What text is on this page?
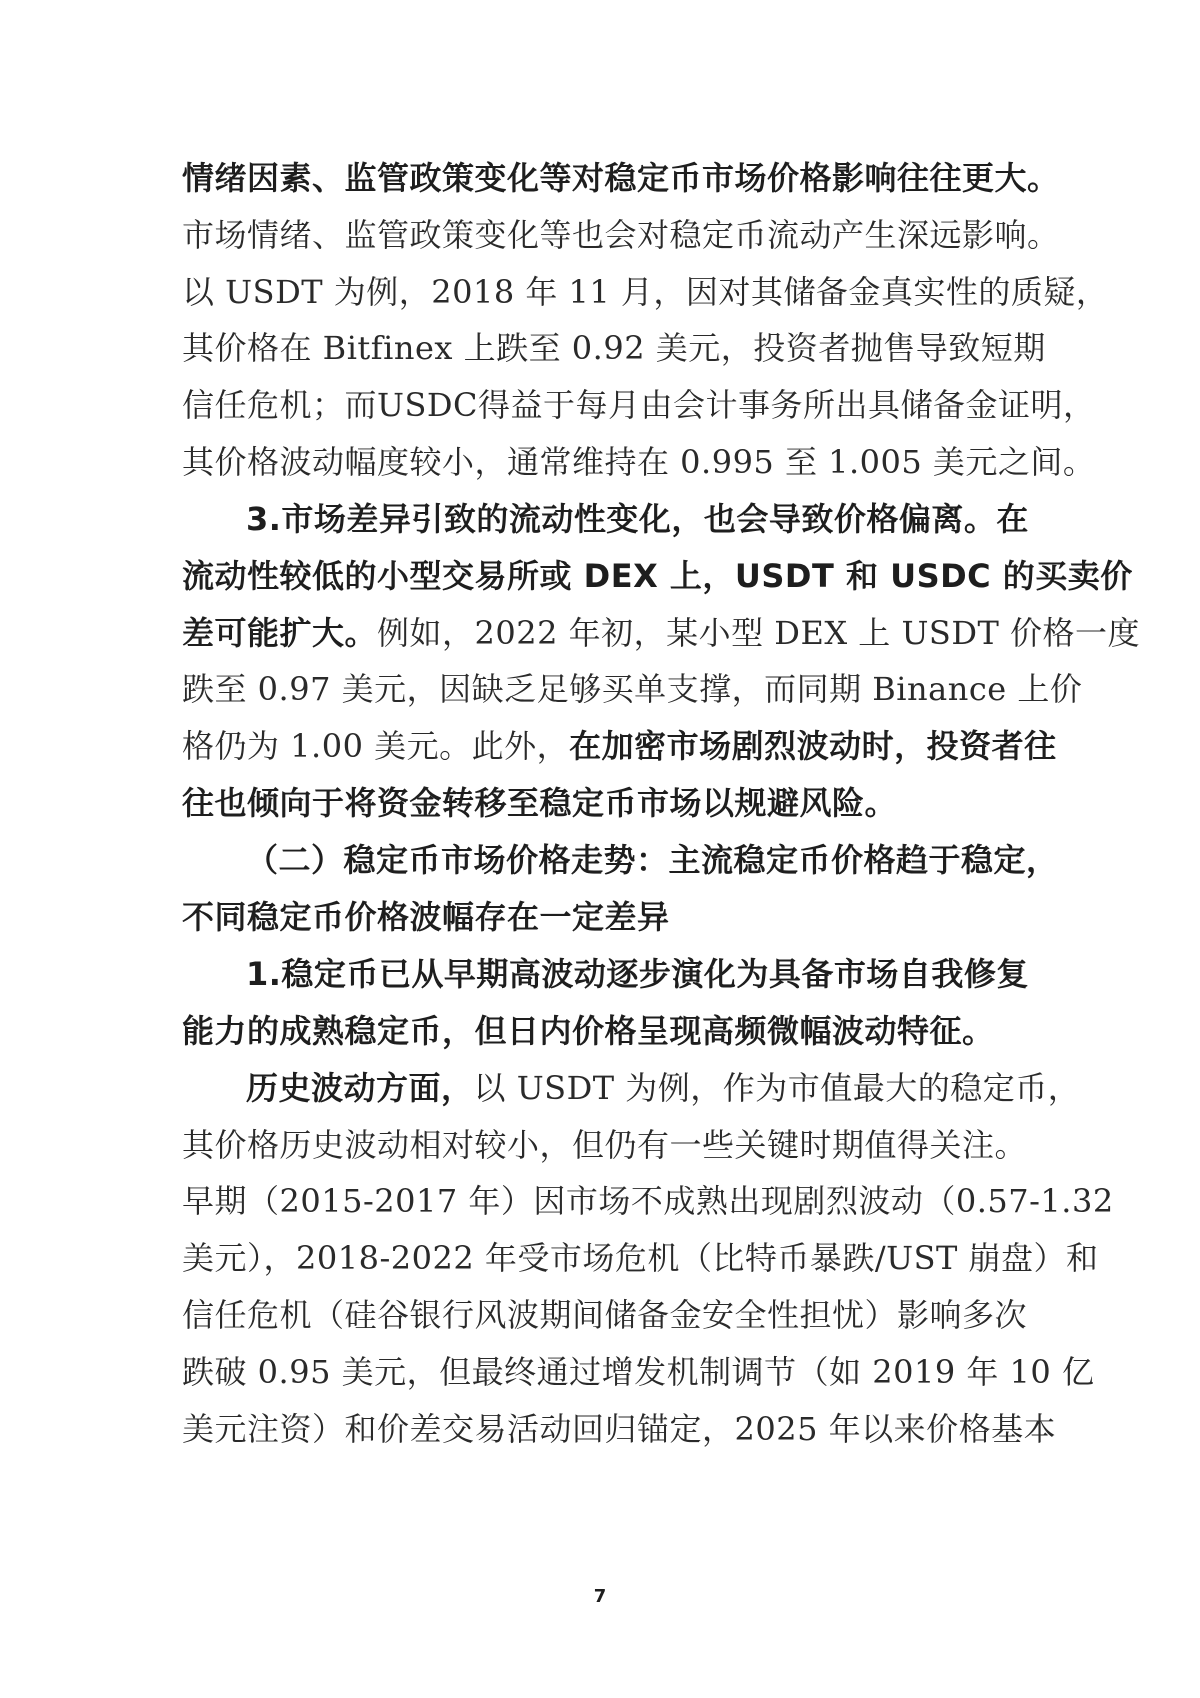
情绪因素、监管政策变化等对稳定币市场价格影响往往更大。
市场情绪、监管政策变化等也会对稳定币流动产生深远影响。
以 USDT 为例，2018 年 11 月，因对其储备金真实性的质疑，
其价格在 Bitfinex 上跌至 0.92 美元，投资者抛售导致短期
信任危机；而USDC得益于每月由会计事务所出具储备金证明，
其价格波动幅度较小，通常维持在 0.995 至 1.005 美元之间。
3.市场差异引致的流动性变化，也会导致价格偏离。在
流动性较低的小型交易所或 DEX 上，USDT 和 USDC 的买卖价
差可能扩大。例如，2022 年初，某小型 DEX 上 USDT 价格一度
跌至 0.97 美元，因缺乏足够买单支撑，而同期 Binance 上价
格仍为 1.00 美元。此外，在加密市场剧烈波动时，投资者往
往也倾向于将资金转移至稳定币市场以规避风险。
（二）稳定币市场价格走势：主流稳定币价格趋于稳定，
不同稳定币价格波幅存在一定差异
1.稳定币已从早期高波动逐步演化为具备市场自我修复
能力的成熟稳定币，但日内价格呈现高频微幅波动特征。
历史波动方面，以 USDT 为例，作为市值最大的稳定币，
其价格历史波动相对较小，但仍有一些关键时期值得关注。
早期（2015-2017 年）因市场不成熟出现剧烈波动（0.57-1.32
美元），2018-2022 年受市场危机（比特币暴跌/UST 崩盘）和
信任危机（硅谷银行风波期间储备金安全性担忧）影响多次
跌破 0.95 美元，但最终通过增发机制调节（如 2019 年 10 亿
美元注资）和价差交易活动回归锚定，2025 年以来价格基本
7
